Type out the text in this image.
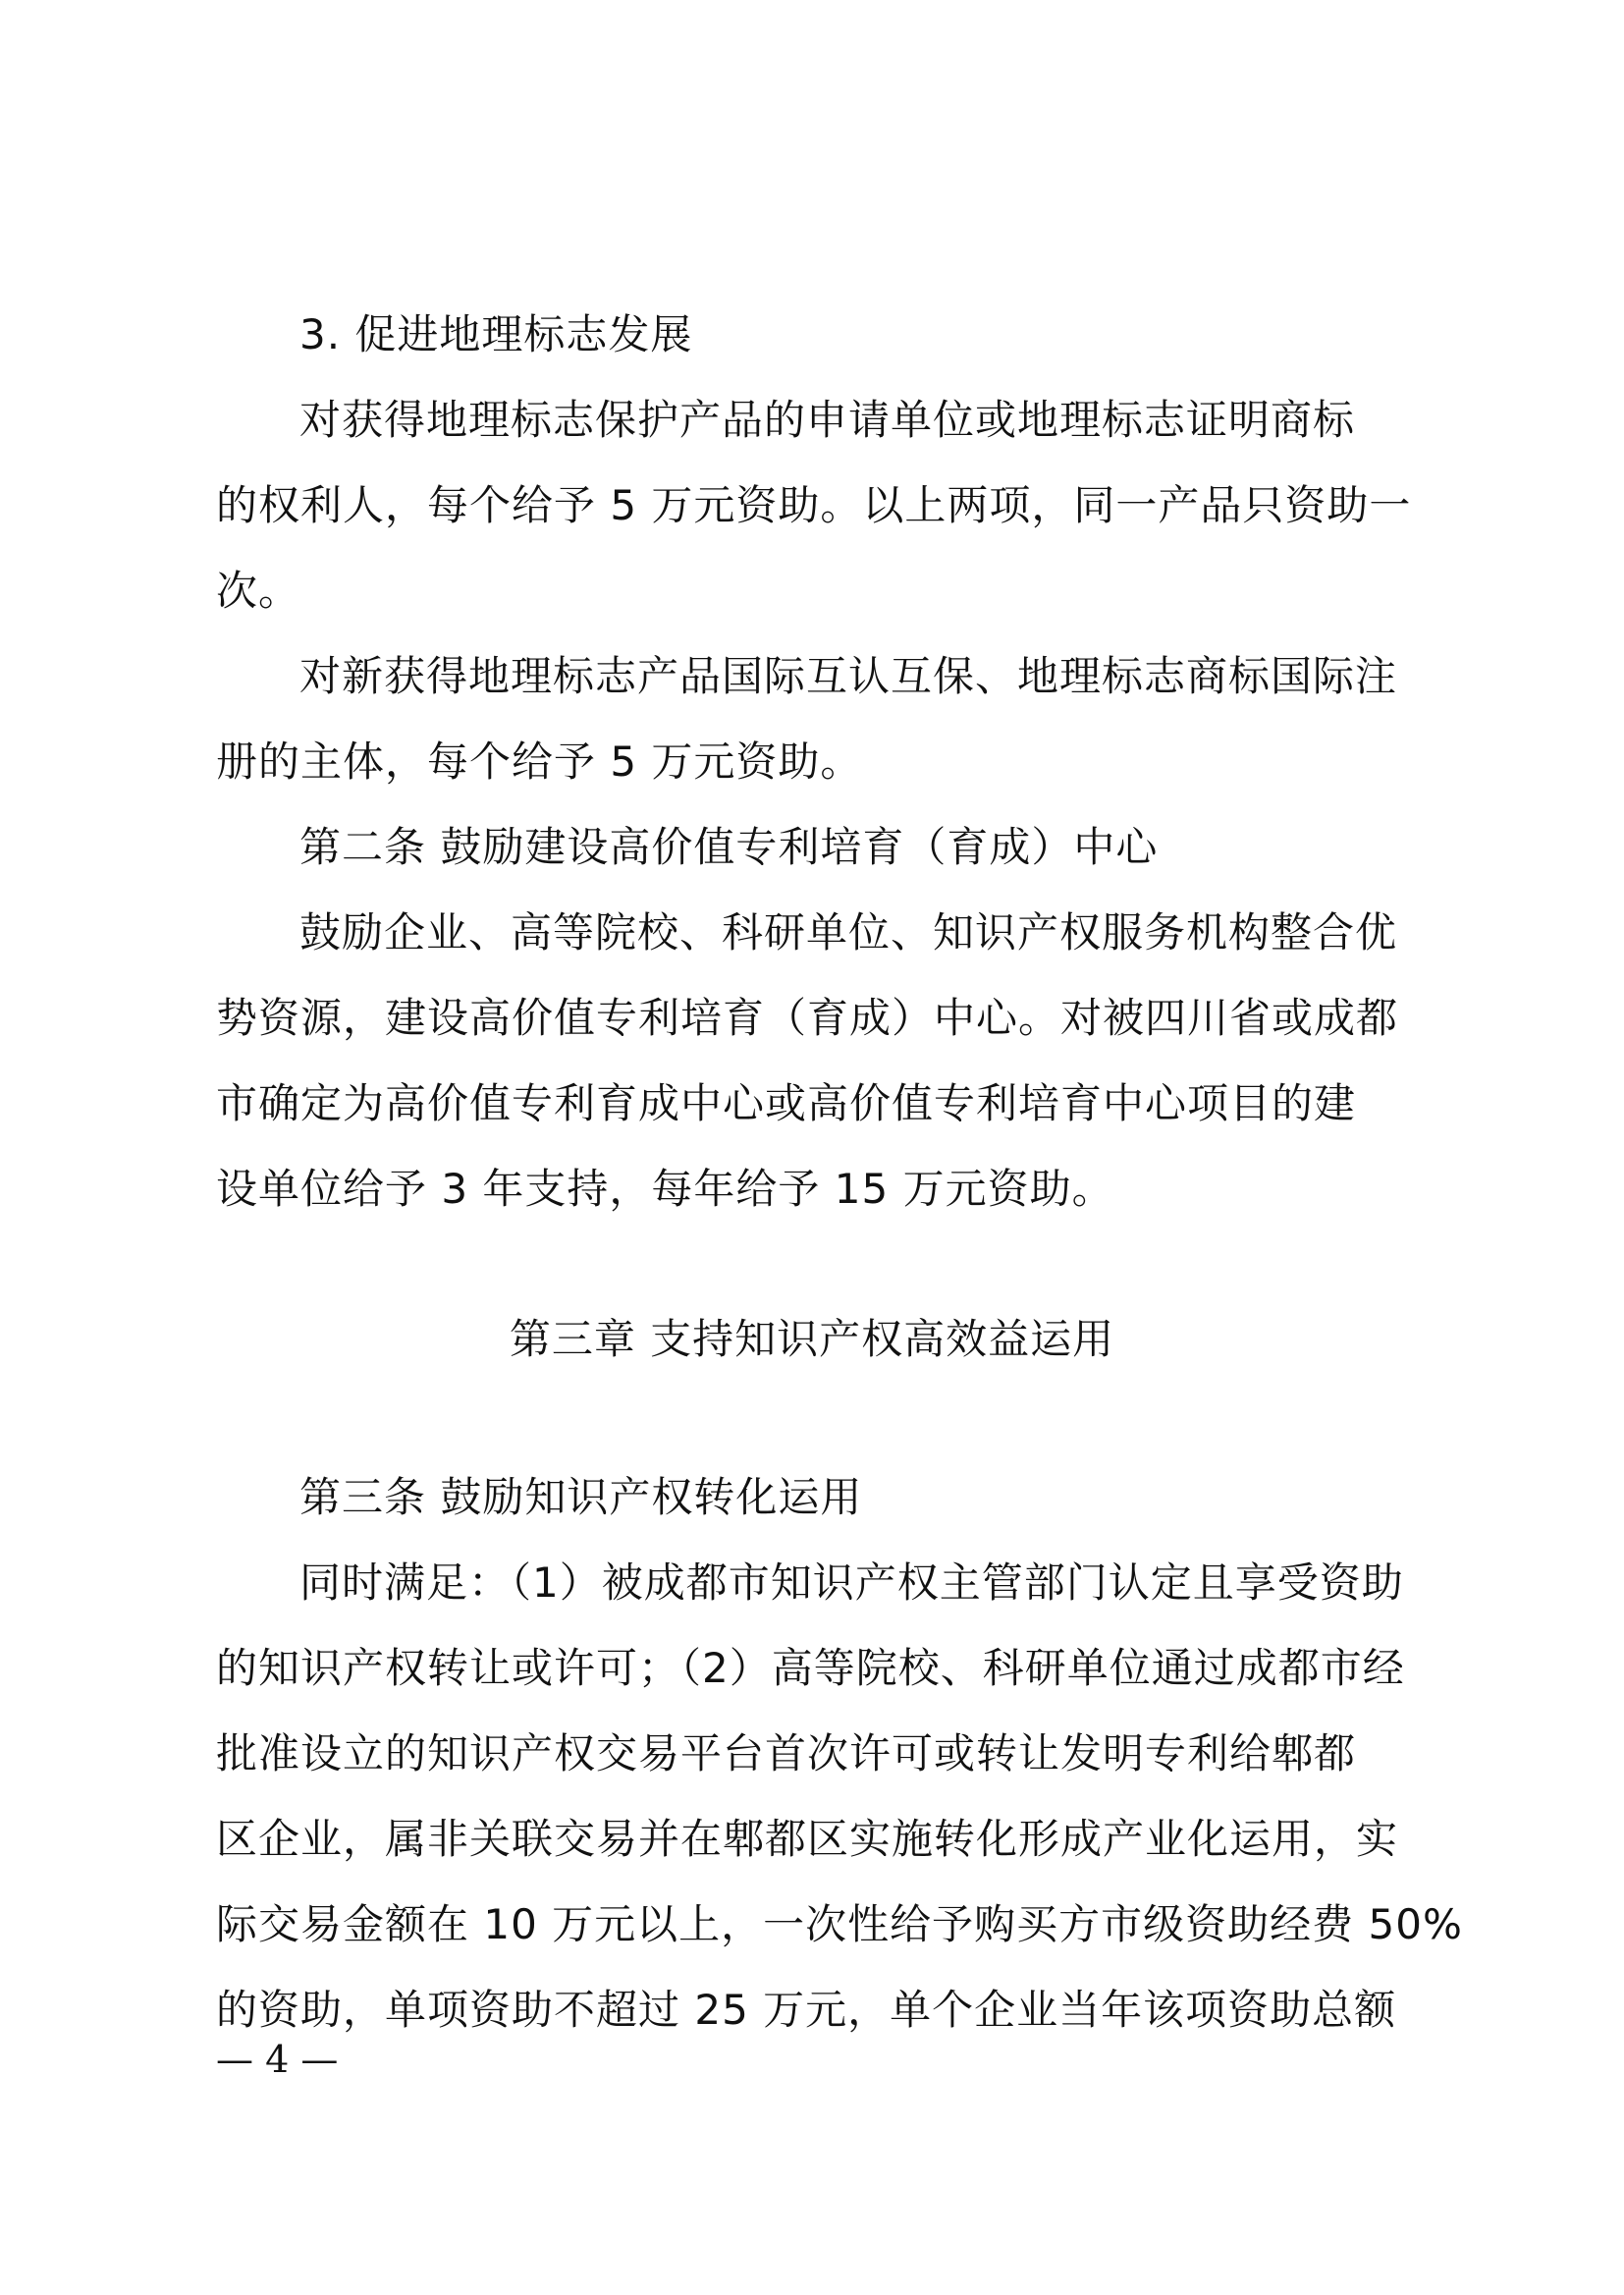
3. 促进地理标志发展
对获得地理标志保护产品的申请单位或地理标志证明商标
的权利人，每个给予 5 万元资助。以上两项，同一产品只资助一
次。
对新获得地理标志产品国际互认互保、地理标志商标国际注
册的主体，每个给予 5 万元资助。
第二条 鼓励建设高价值专利培育（育成）中心
鼓励企业、高等院校、科研单位、知识产权服务机构整合优
势资源，建设高价值专利培育（育成）中心。对被四川省或成都
市确定为高价值专利育成中心或高价值专利培育中心项目的建
设单位给予 3 年支持，每年给予 15 万元资助。
第三章 支持知识产权高效益运用
第三条 鼓励知识产权转化运用
同时满足：（1）被成都市知识产权主管部门认定且享受资助
的知识产权转让或许可；（2）高等院校、科研单位通过成都市经
批准设立的知识产权交易平台首次许可或转让发明专利给郫都
区企业，属非关联交易并在郫都区实施转化形成产业化运用，实
际交易金额在 10 万元以上，一次性给予购买方市级资助经费 50%
的资助，单项资助不超过 25 万元，单个企业当年该项资助总额
— 4 —
